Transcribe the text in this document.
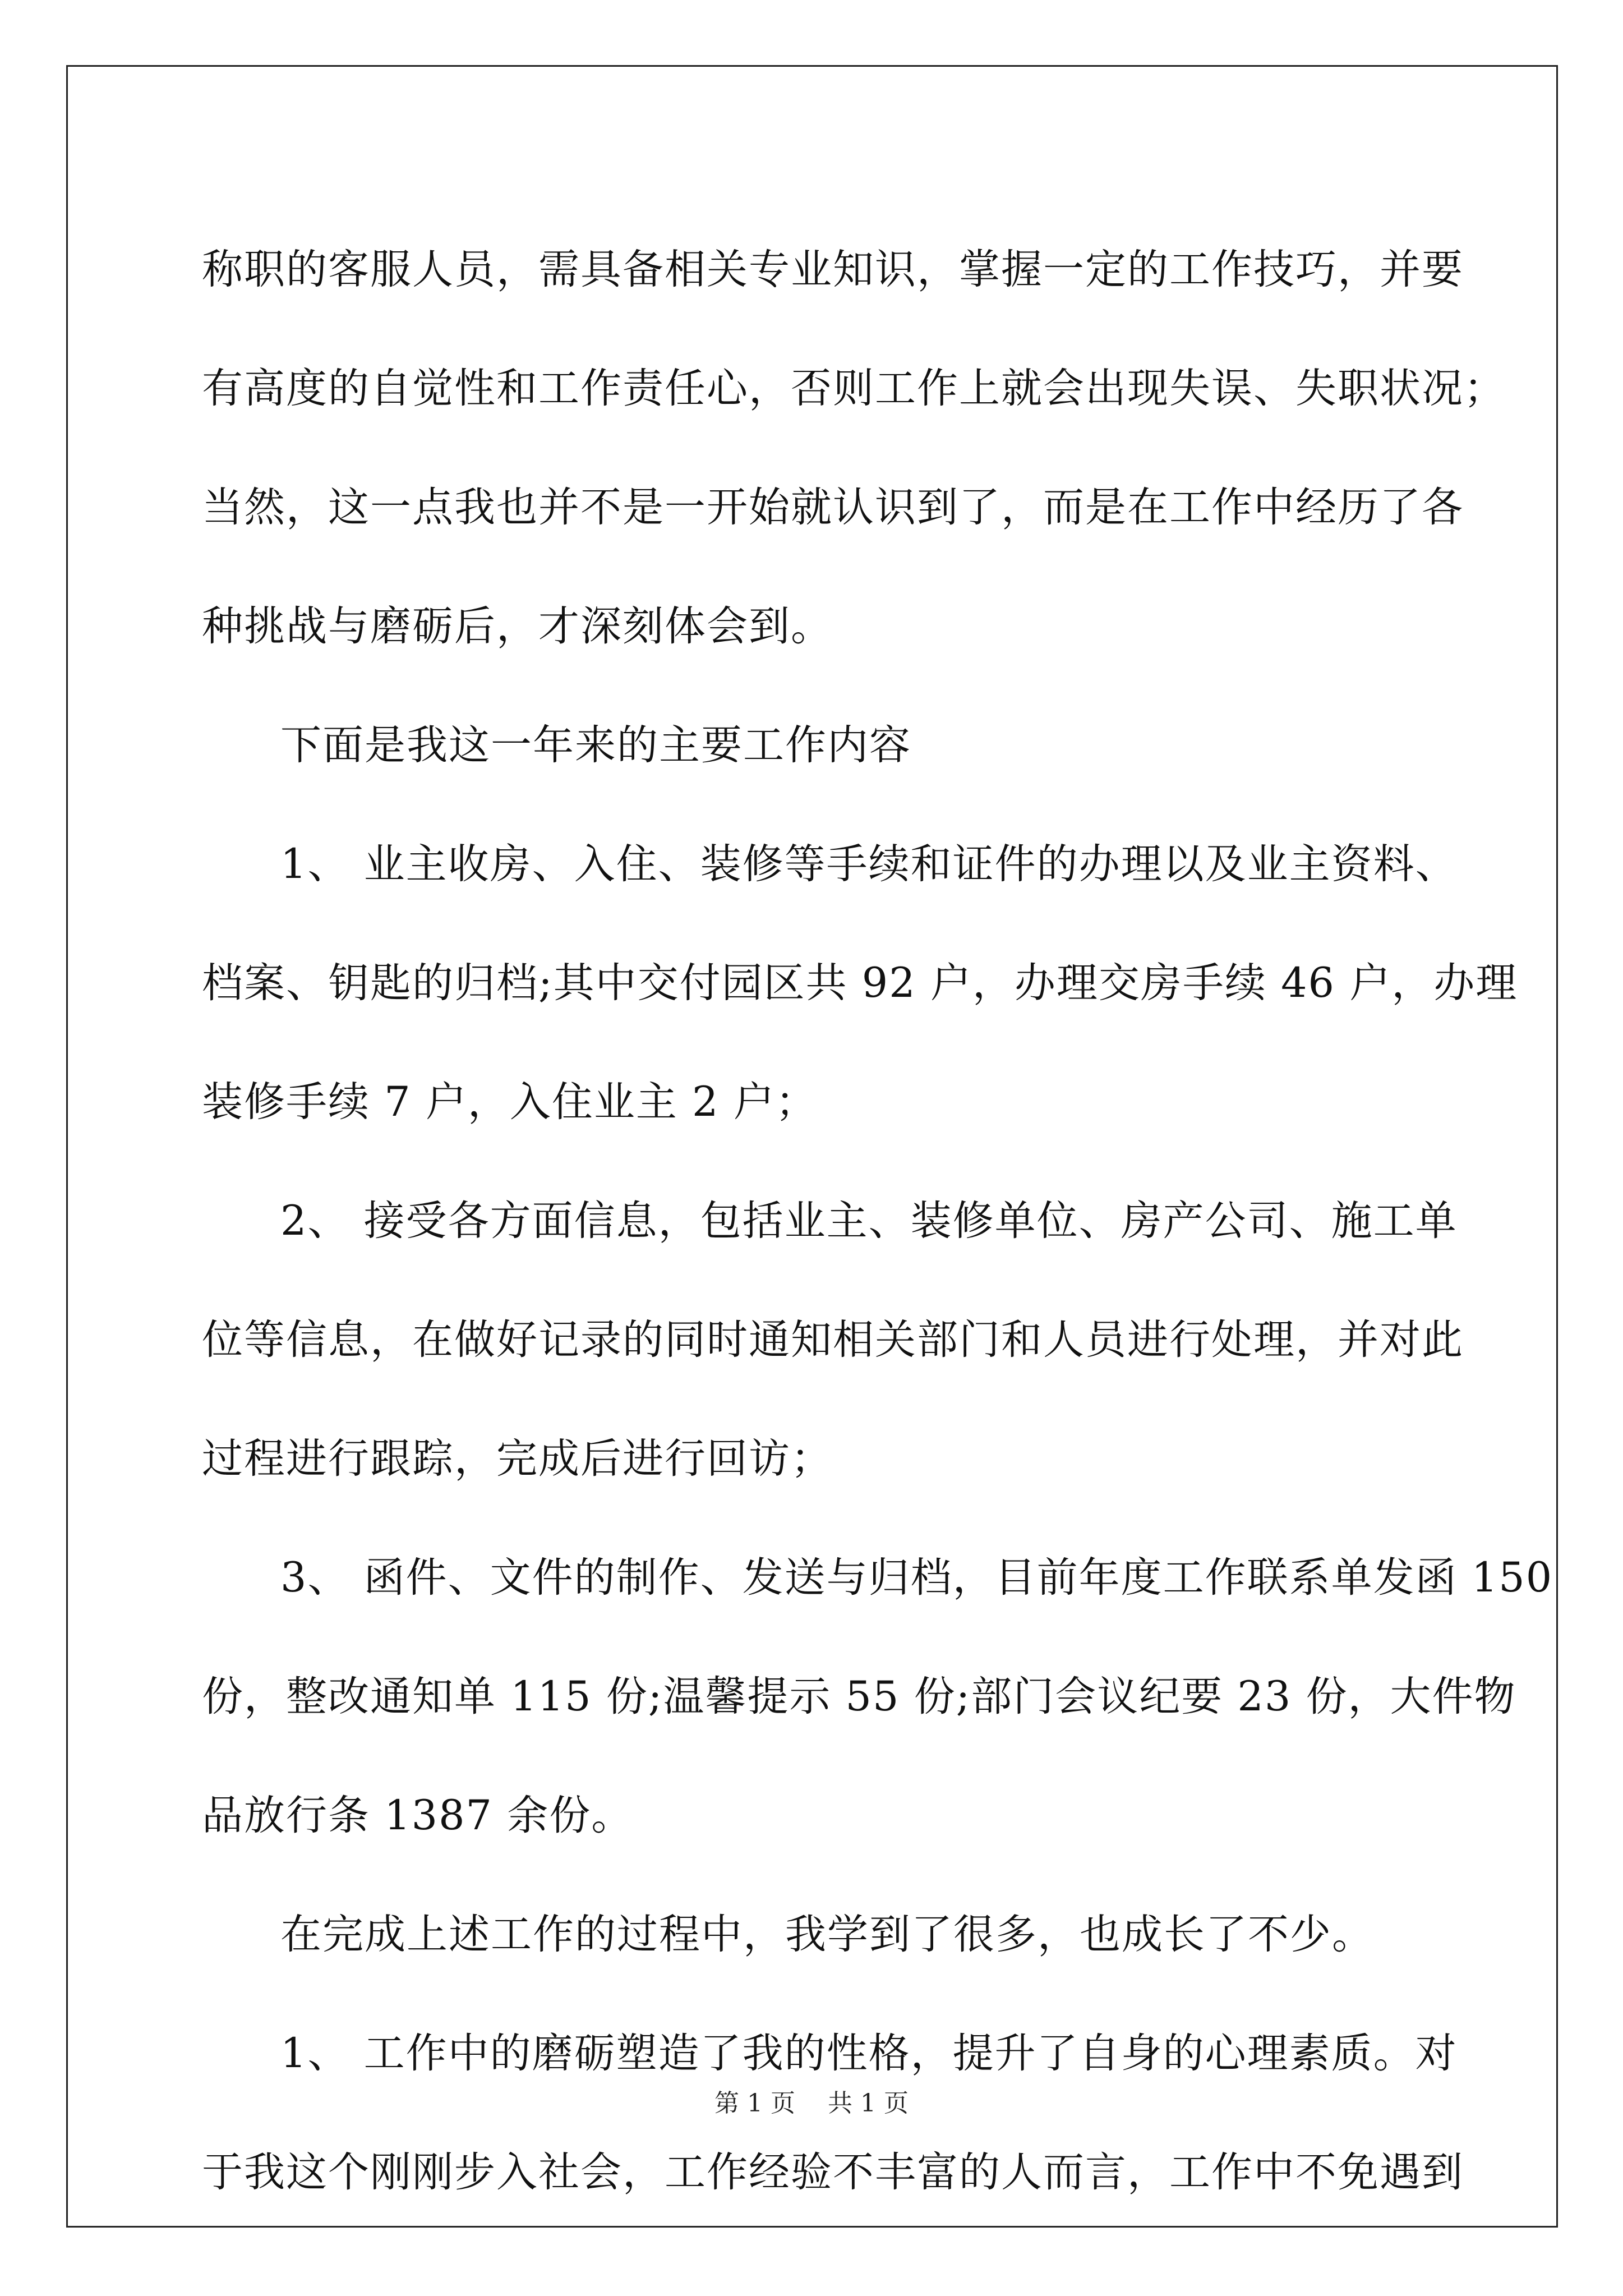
称职的客服人员，需具备相关专业知识，掌握一定的工作技巧，并要
有高度的自觉性和工作责任心，否则工作上就会出现失误、失职状况；
当然，这一点我也并不是一开始就认识到了，而是在工作中经历了各
种挑战与磨砺后，才深刻体会到。
下面是我这一年来的主要工作内容
1、 业主收房、入住、装修等手续和证件的办理以及业主资料、
档案、钥匙的归档;其中交付园区共 92 户，办理交房手续 46 户，办理
装修手续 7 户，入住业主 2 户；
2、 接受各方面信息，包括业主、装修单位、房产公司、施工单
位等信息，在做好记录的同时通知相关部门和人员进行处理，并对此
过程进行跟踪，完成后进行回访；
3、 函件、文件的制作、发送与归档，目前年度工作联系单发函 150
份，整改通知单 115 份;温馨提示 55 份;部门会议纪要 23 份，大件物
品放行条 1387 余份。
在完成上述工作的过程中，我学到了很多，也成长了不少。
1、 工作中的磨砺塑造了我的性格，提升了自身的心理素质。对
于我这个刚刚步入社会，工作经验不丰富的人而言，工作中不免遇到
第 1 页 共 1 页
